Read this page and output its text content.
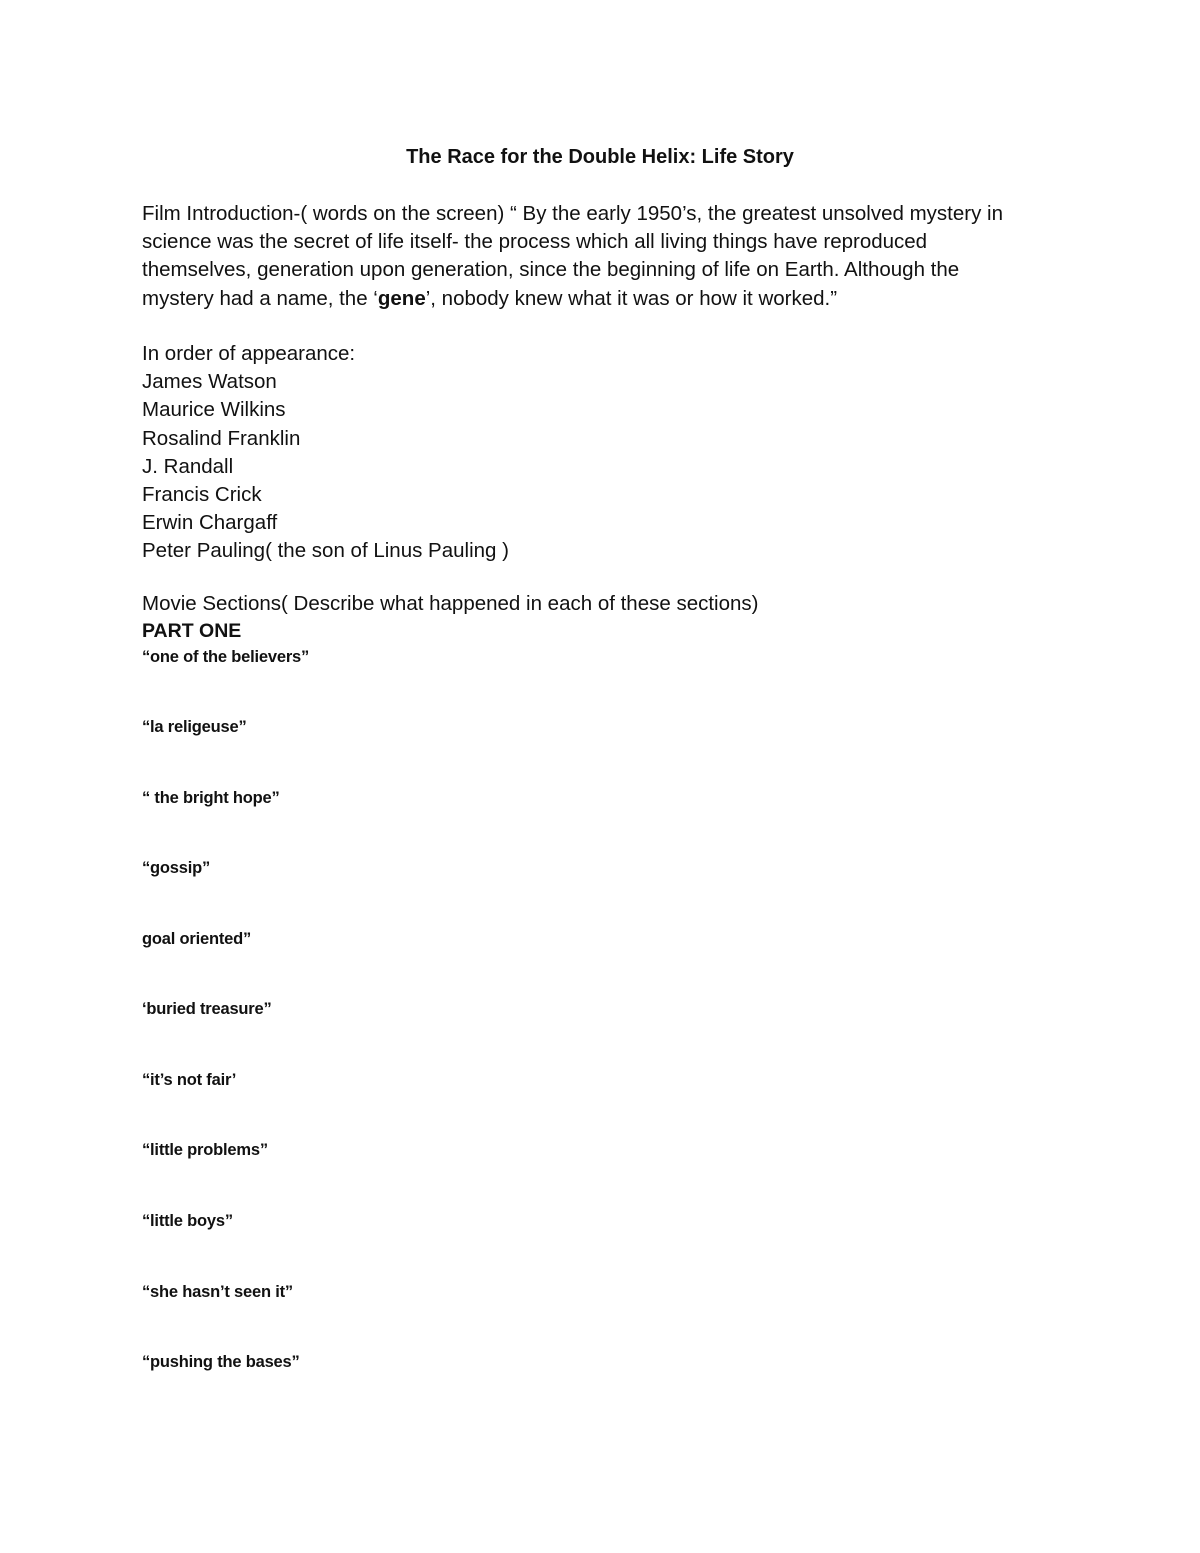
The Race for the Double Helix: Life Story
Film Introduction-( words on the screen) “ By the early 1950’s, the greatest unsolved mystery in
science was the secret of life itself- the process which all living things have reproduced
themselves, generation upon generation, since the beginning of life on Earth. Although the
mystery had a name, the ‘gene’, nobody knew what it was or how it worked.”
In order of appearance:
James Watson
Maurice Wilkins
Rosalind Franklin
J. Randall
Francis Crick
Erwin Chargaff
Peter Pauling( the son of Linus Pauling )
Movie Sections( Describe what happened in each of these sections)
PART ONE
“one of the believers”
“la religeuse”
“ the bright hope”
“gossip”
goal oriented”
‘buried treasure”
“it’s not fair’
“little problems”
“little boys”
“she hasn’t seen it”
“pushing the bases”
